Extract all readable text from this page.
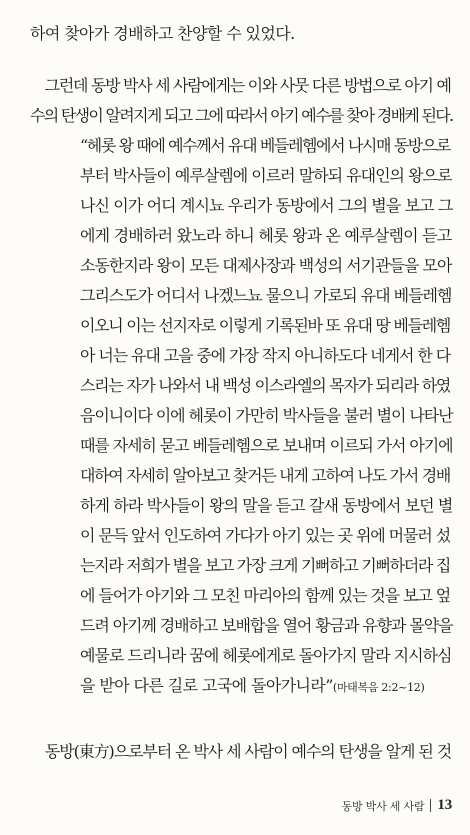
하여 찾아가 경배하고 찬양할 수 있었다.

　그런데 동방 박사 세 사람에게는 이와 사뭇 다른 방법으로 아기 예

수의 탄생이 알려지게 되고 그에 따라서 아기 예수를 찾아 경배케 된다.

“헤롯 왕 때에 예수께서 유대 베들레헴에서 나시매 동방으로

부터 박사들이 예루살렘에 이르러 말하되 유대인의 왕으로

나신 이가 어디 계시뇨 우리가 동방에서 그의 별을 보고 그

에게 경배하러 왔노라 하니 헤롯 왕과 온 예루살렘이 듣고

소동한지라 왕이 모든 대제사장과 백성의 서기관들을 모아

그리스도가 어디서 나겠느뇨 물으니 가로되 유대 베들레헴

이오니 이는 선지자로 이렇게 기록된바 또 유대 땅 베들레헴

아 너는 유대 고을 중에 가장 작지 아니하도다 네게서 한 다

스리는 자가 나와서 내 백성 이스라엘의 목자가 되리라 하였

음이니이다 이에 헤롯이 가만히 박사들을 불러 별이 나타난

때를 자세히 묻고 베들레헴으로 보내며 이르되 가서 아기에

대하여 자세히 알아보고 찾거든 내게 고하여 나도 가서 경배

하게 하라 박사들이 왕의 말을 듣고 갈새 동방에서 보던 별

이 문득 앞서 인도하여 가다가 아기 있는 곳 위에 머물러 섰

는지라 저희가 별을 보고 가장 크게 기뻐하고 기뻐하더라 집

에 들어가 아기와 그 모친 마리아의 함께 있는 것을 보고 엎

드려 아기께 경배하고 보배합을 열어 황금과 유향과 몰약을

예물로 드리니라 꿈에 헤롯에게로 돌아가지 말라 지시하심

을 받아 다른 길로 고국에 돌아가니라”(마태복음 2:2~12)

　동방(東方)으로부터 온 박사 세 사람이 예수의 탄생을 알게 된 것

동방 박사 세 사람 13
